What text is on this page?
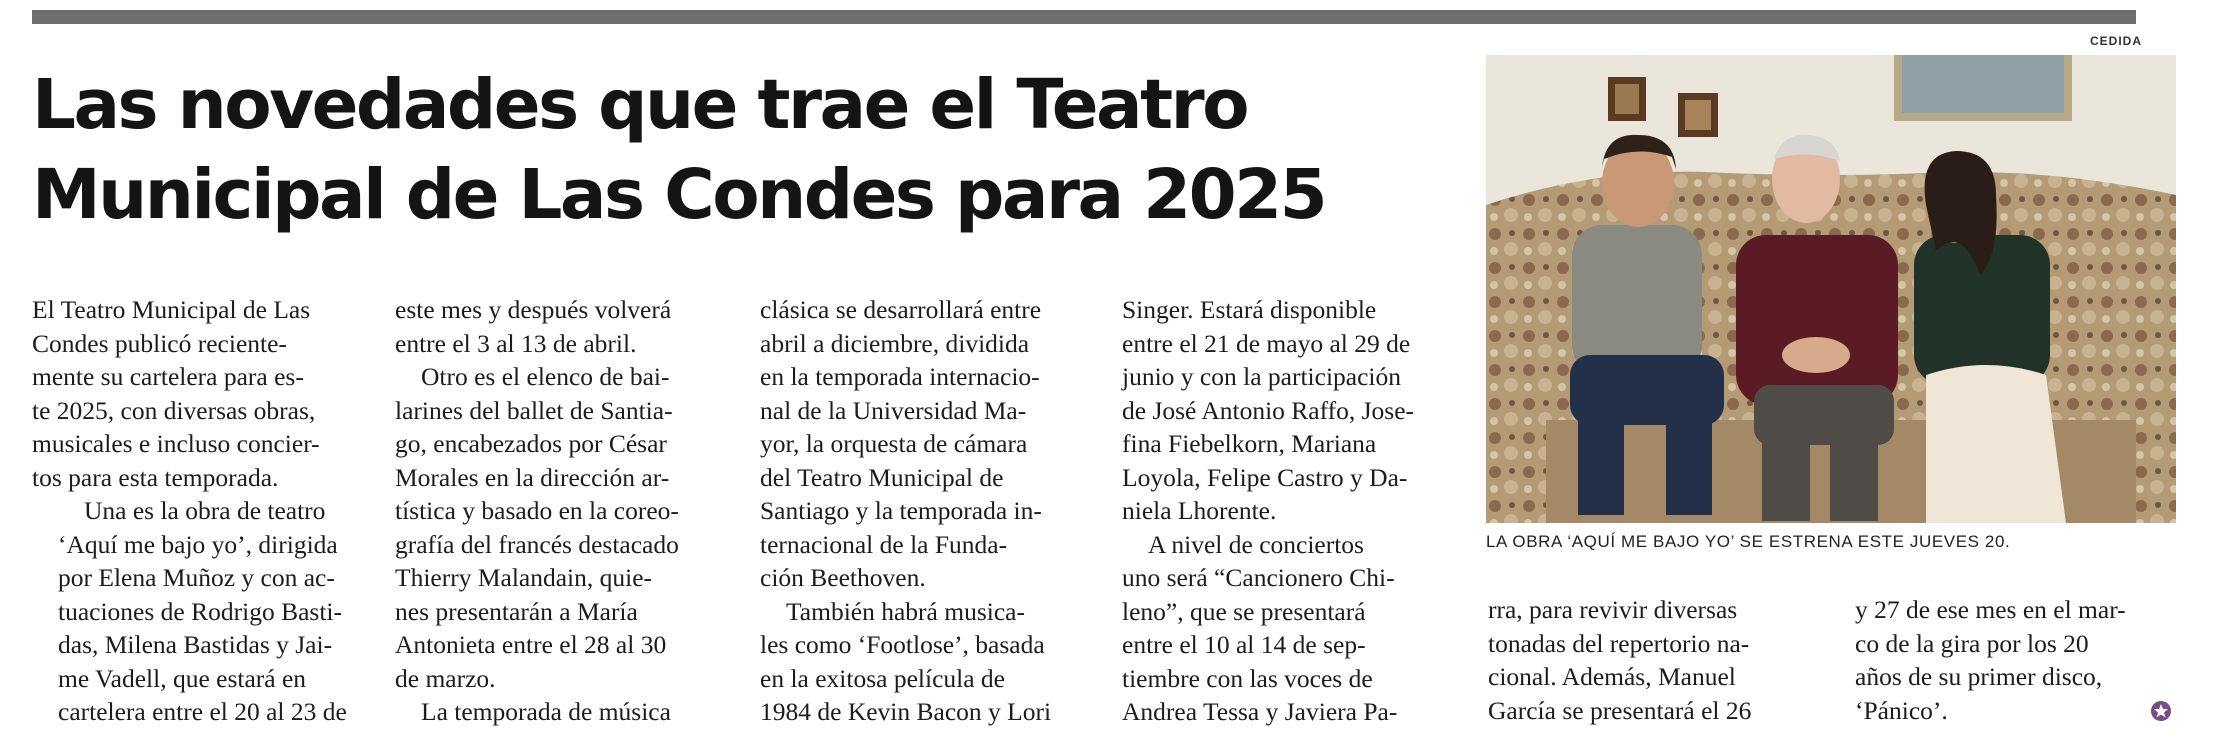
Las novedades que trae el Teatro
Municipal de Las Condes para 2025

El Teatro Municipal de Las
Condes publicó reciente-
mente su cartelera para es-
te 2025, con diversas obras,
musicales e incluso concier-
tos para esta temporada.

Una es la obra de teatro
‘Aquí me bajo yo’, dirigida
por Elena Muñoz y con ac-
tuaciones de Rodrigo Basti-
das, Milena Bastidas y Jai-
me Vadell, que estará en
cartelera entre el 20 al 23 de

este mes y después volverá
entre el 3 al 13 de abril.

Otro es el elenco de bai-
larines del ballet de Santia-
go, encabezados por César
Morales en la dirección ar-
tística y basado en la coreo-
grafía del francés destacado
Thierry Malandain, quie-
nes presentarán a María
Antonieta entre el 28 al 30
de marzo.

La temporada de música

clásica se desarrollará entre
abril a diciembre, dividida
en la temporada internacio-
nal de la Universidad Ma-
yor, la orquesta de cámara
del Teatro Municipal de
Santiago y la temporada in-
ternacional de la Funda-
ción Beethoven.

También habrá musica-
les como ‘Footlose’, basada
en la exitosa película de
1984 de Kevin Bacon y Lori

Singer. Estará disponible
entre el 21 de mayo al 29 de
junio y con la participación
de José Antonio Raffo, Jose-
fina Fiebelkorn, Mariana
Loyola, Felipe Castro y Da-
niela Lhorente.

A nivel de conciertos
uno será “Cancionero Chi-
leno”, que se presentará
entre el 10 al 14 de sep-
tiembre con las voces de
Andrea Tessa y Javiera Pa-

rra, para revivir diversas
tonadas del repertorio na-
cional. Además, Manuel
García se presentará el 26

y 27 de ese mes en el mar-
co de la gira por los 20
años de su primer disco,
‘Pánico’.

CEDIDA
LA OBRA ‘AQUÍ ME BAJO YO’ SE ESTRENA ESTE JUEVES 20.
